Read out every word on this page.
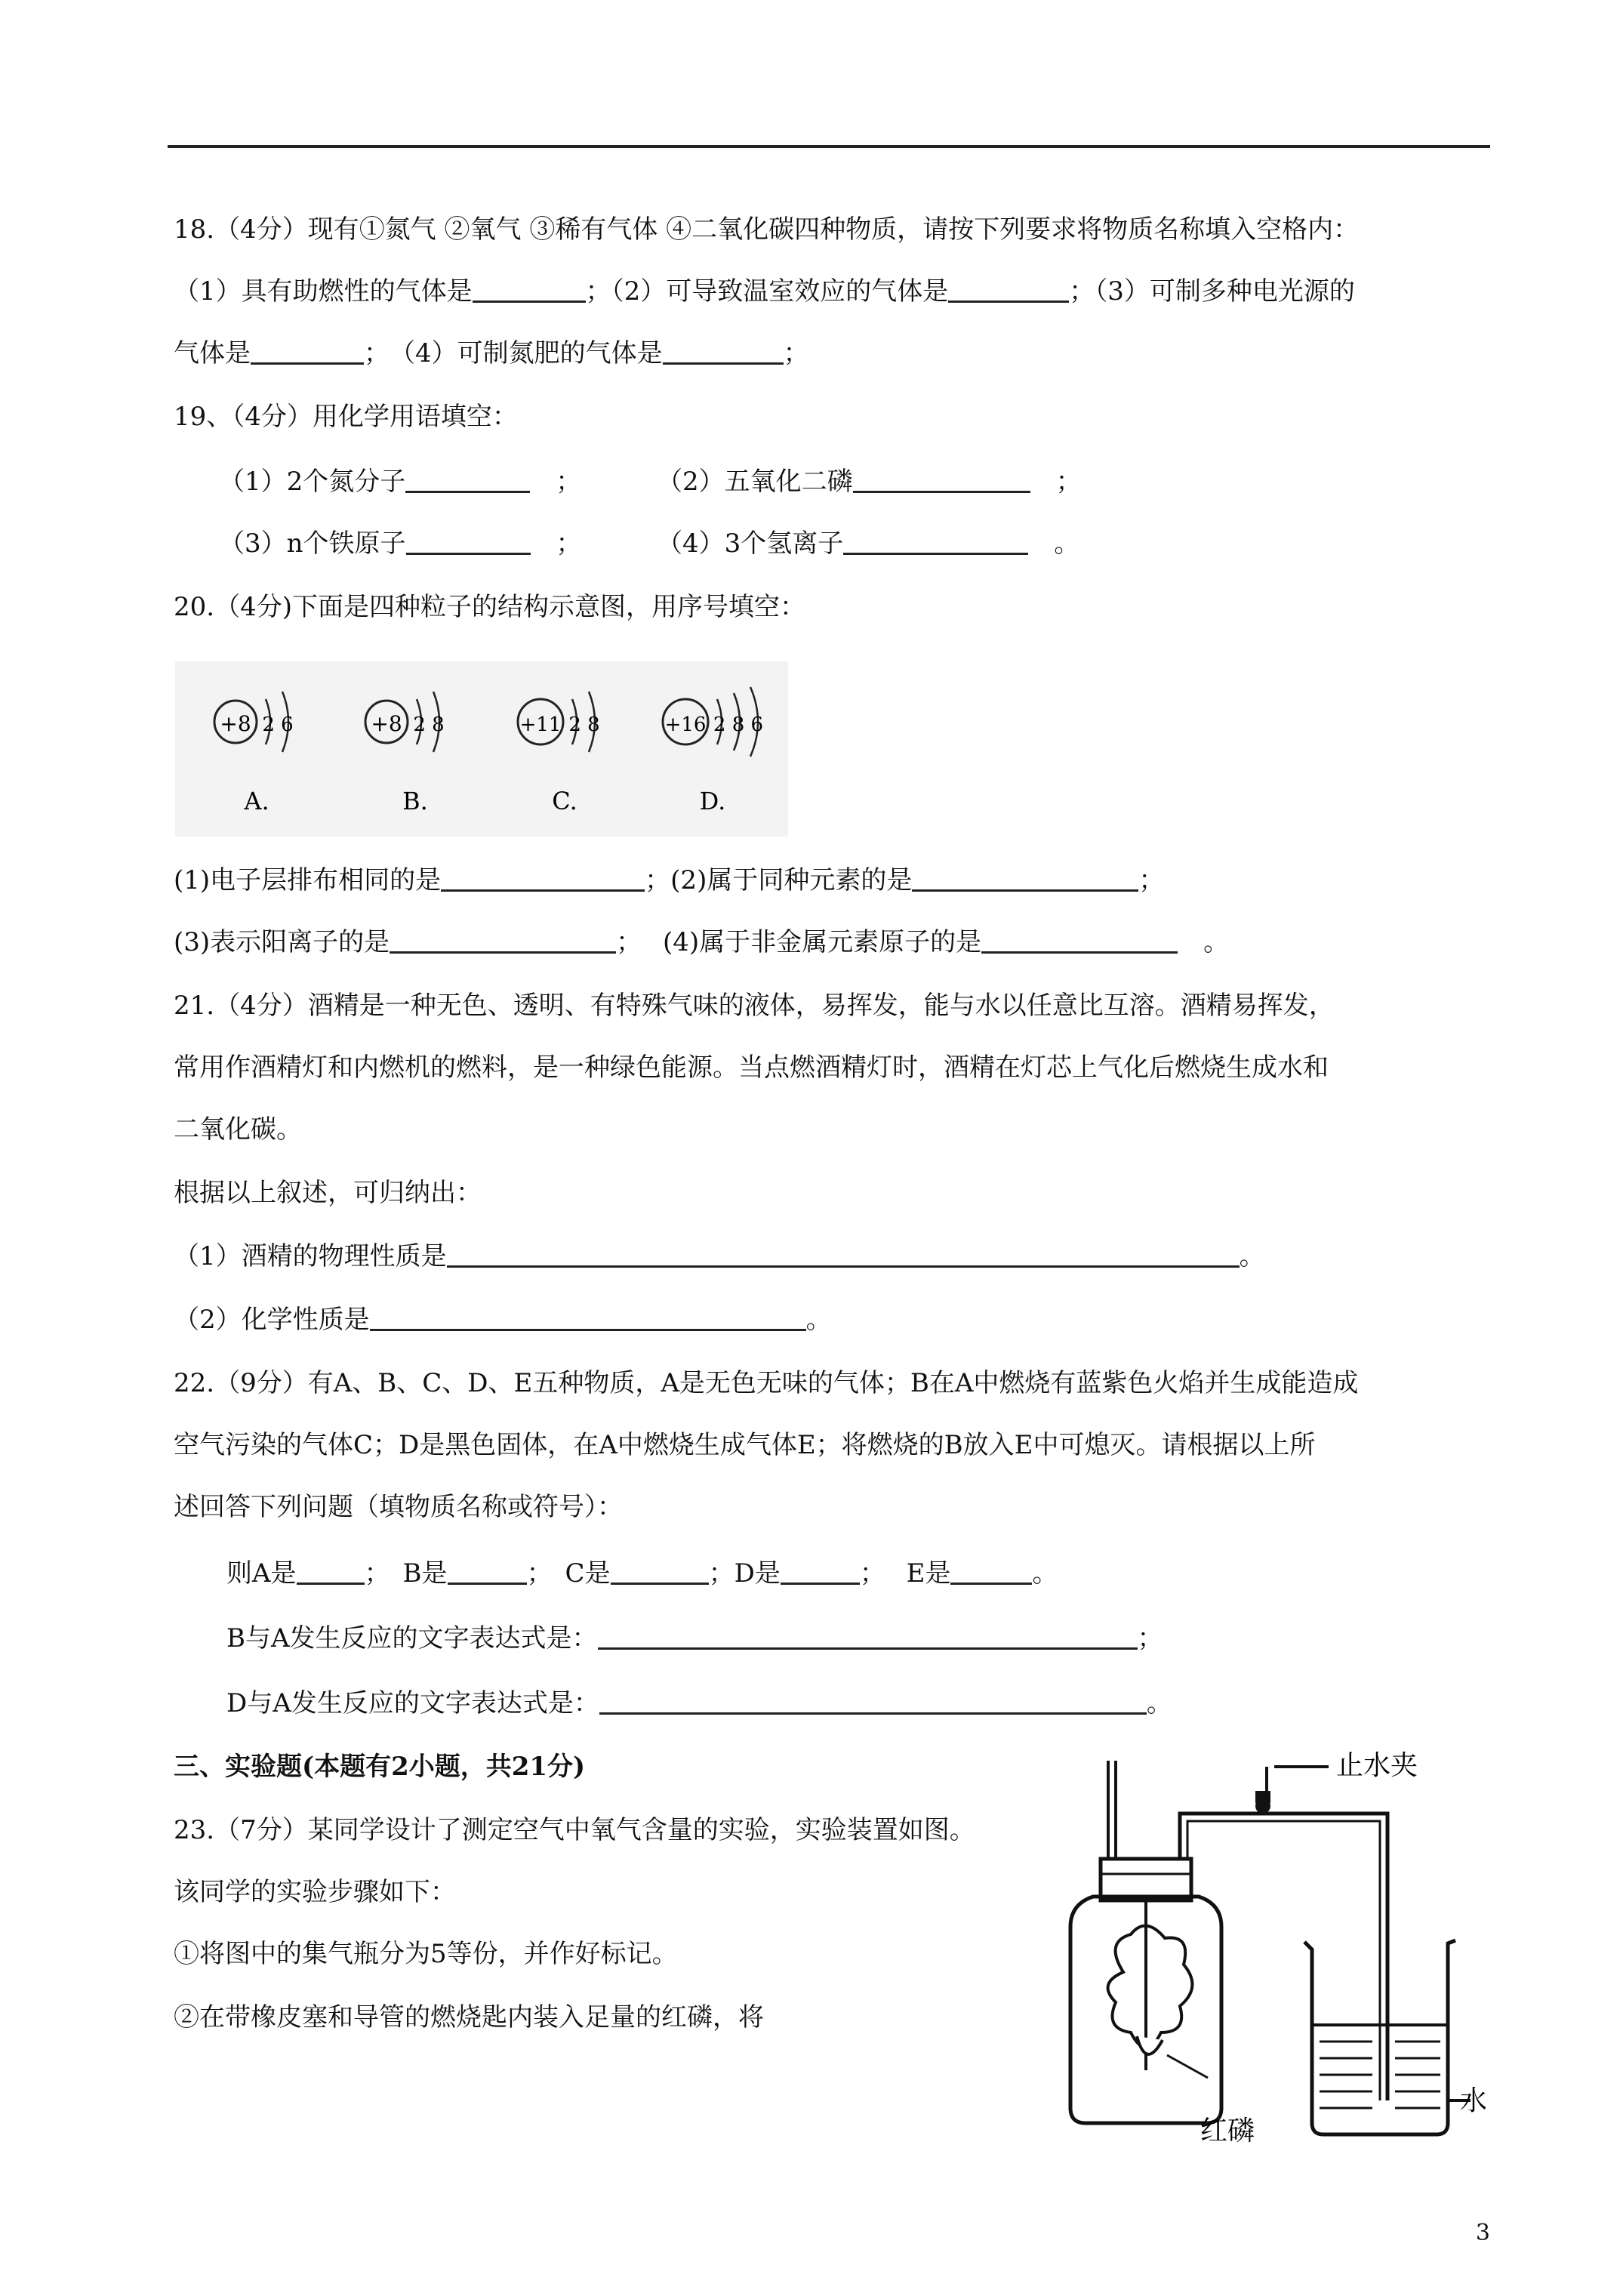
18.（4分）现有①氮气 ②氧气 ③稀有气体 ④二氧化碳四种物质，请按下列要求将物质名称填入空格内：
（1）具有助燃性的气体是	；（2）可导致温室效应的气体是	；（3）可制多种电光源的
气体是	；　（4）可制氮肥的气体是	；
19、（4分）用化学用语填空：
（1）2个氮分子　	；	（2）五氧化二磷　	；
（3）n个铁原子　	；	（4）3个氢离子　	。
20.（4分)下面是四种粒子的结构示意图，用序号填空：
+8 2 6
A.
+8 2 8
B.
+11 2 8
C.
+16 2 8 6
D.
(1)电子层排布相同的是	；(2)属于同种元素的是	；
(3)表示阳离子的是	；　 (4)属于非金属元素原子的是　	。
21.（4分）酒精是一种无色、透明、有特殊气味的液体，易挥发，能与水以任意比互溶。酒精易挥发，
常用作酒精灯和内燃机的燃料，是一种绿色能源。当点燃酒精灯时，酒精在灯芯上气化后燃烧生成水和
二氧化碳。
根据以上叙述，可归纳出：
（1）酒精的物理性质是	。
（2）化学性质是	。
22.（9分）有A、B、C、D、E五种物质，A是无色无味的气体；B在A中燃烧有蓝紫色火焰并生成能造成
空气污染的气体C；D是黑色固体，在A中燃烧生成气体E；将燃烧的B放入E中可熄灭。请根据以上所
述回答下列问题（填物质名称或符号）：
则A是	；　B是	；　C是	；D是	；　 E是	。
B与A发生反应的文字表达式是：	；
D与A发生反应的文字表达式是：	。
三、实验题(本题有2小题，共21分)
23.（7分）某同学设计了测定空气中氧气含量的实验，实验装置如图。
该同学的实验步骤如下：
①将图中的集气瓶分为5等份，并作好标记。
②在带橡皮塞和导管的燃烧匙内装入足量的红磷，将
止水夹
水
红磷
3
